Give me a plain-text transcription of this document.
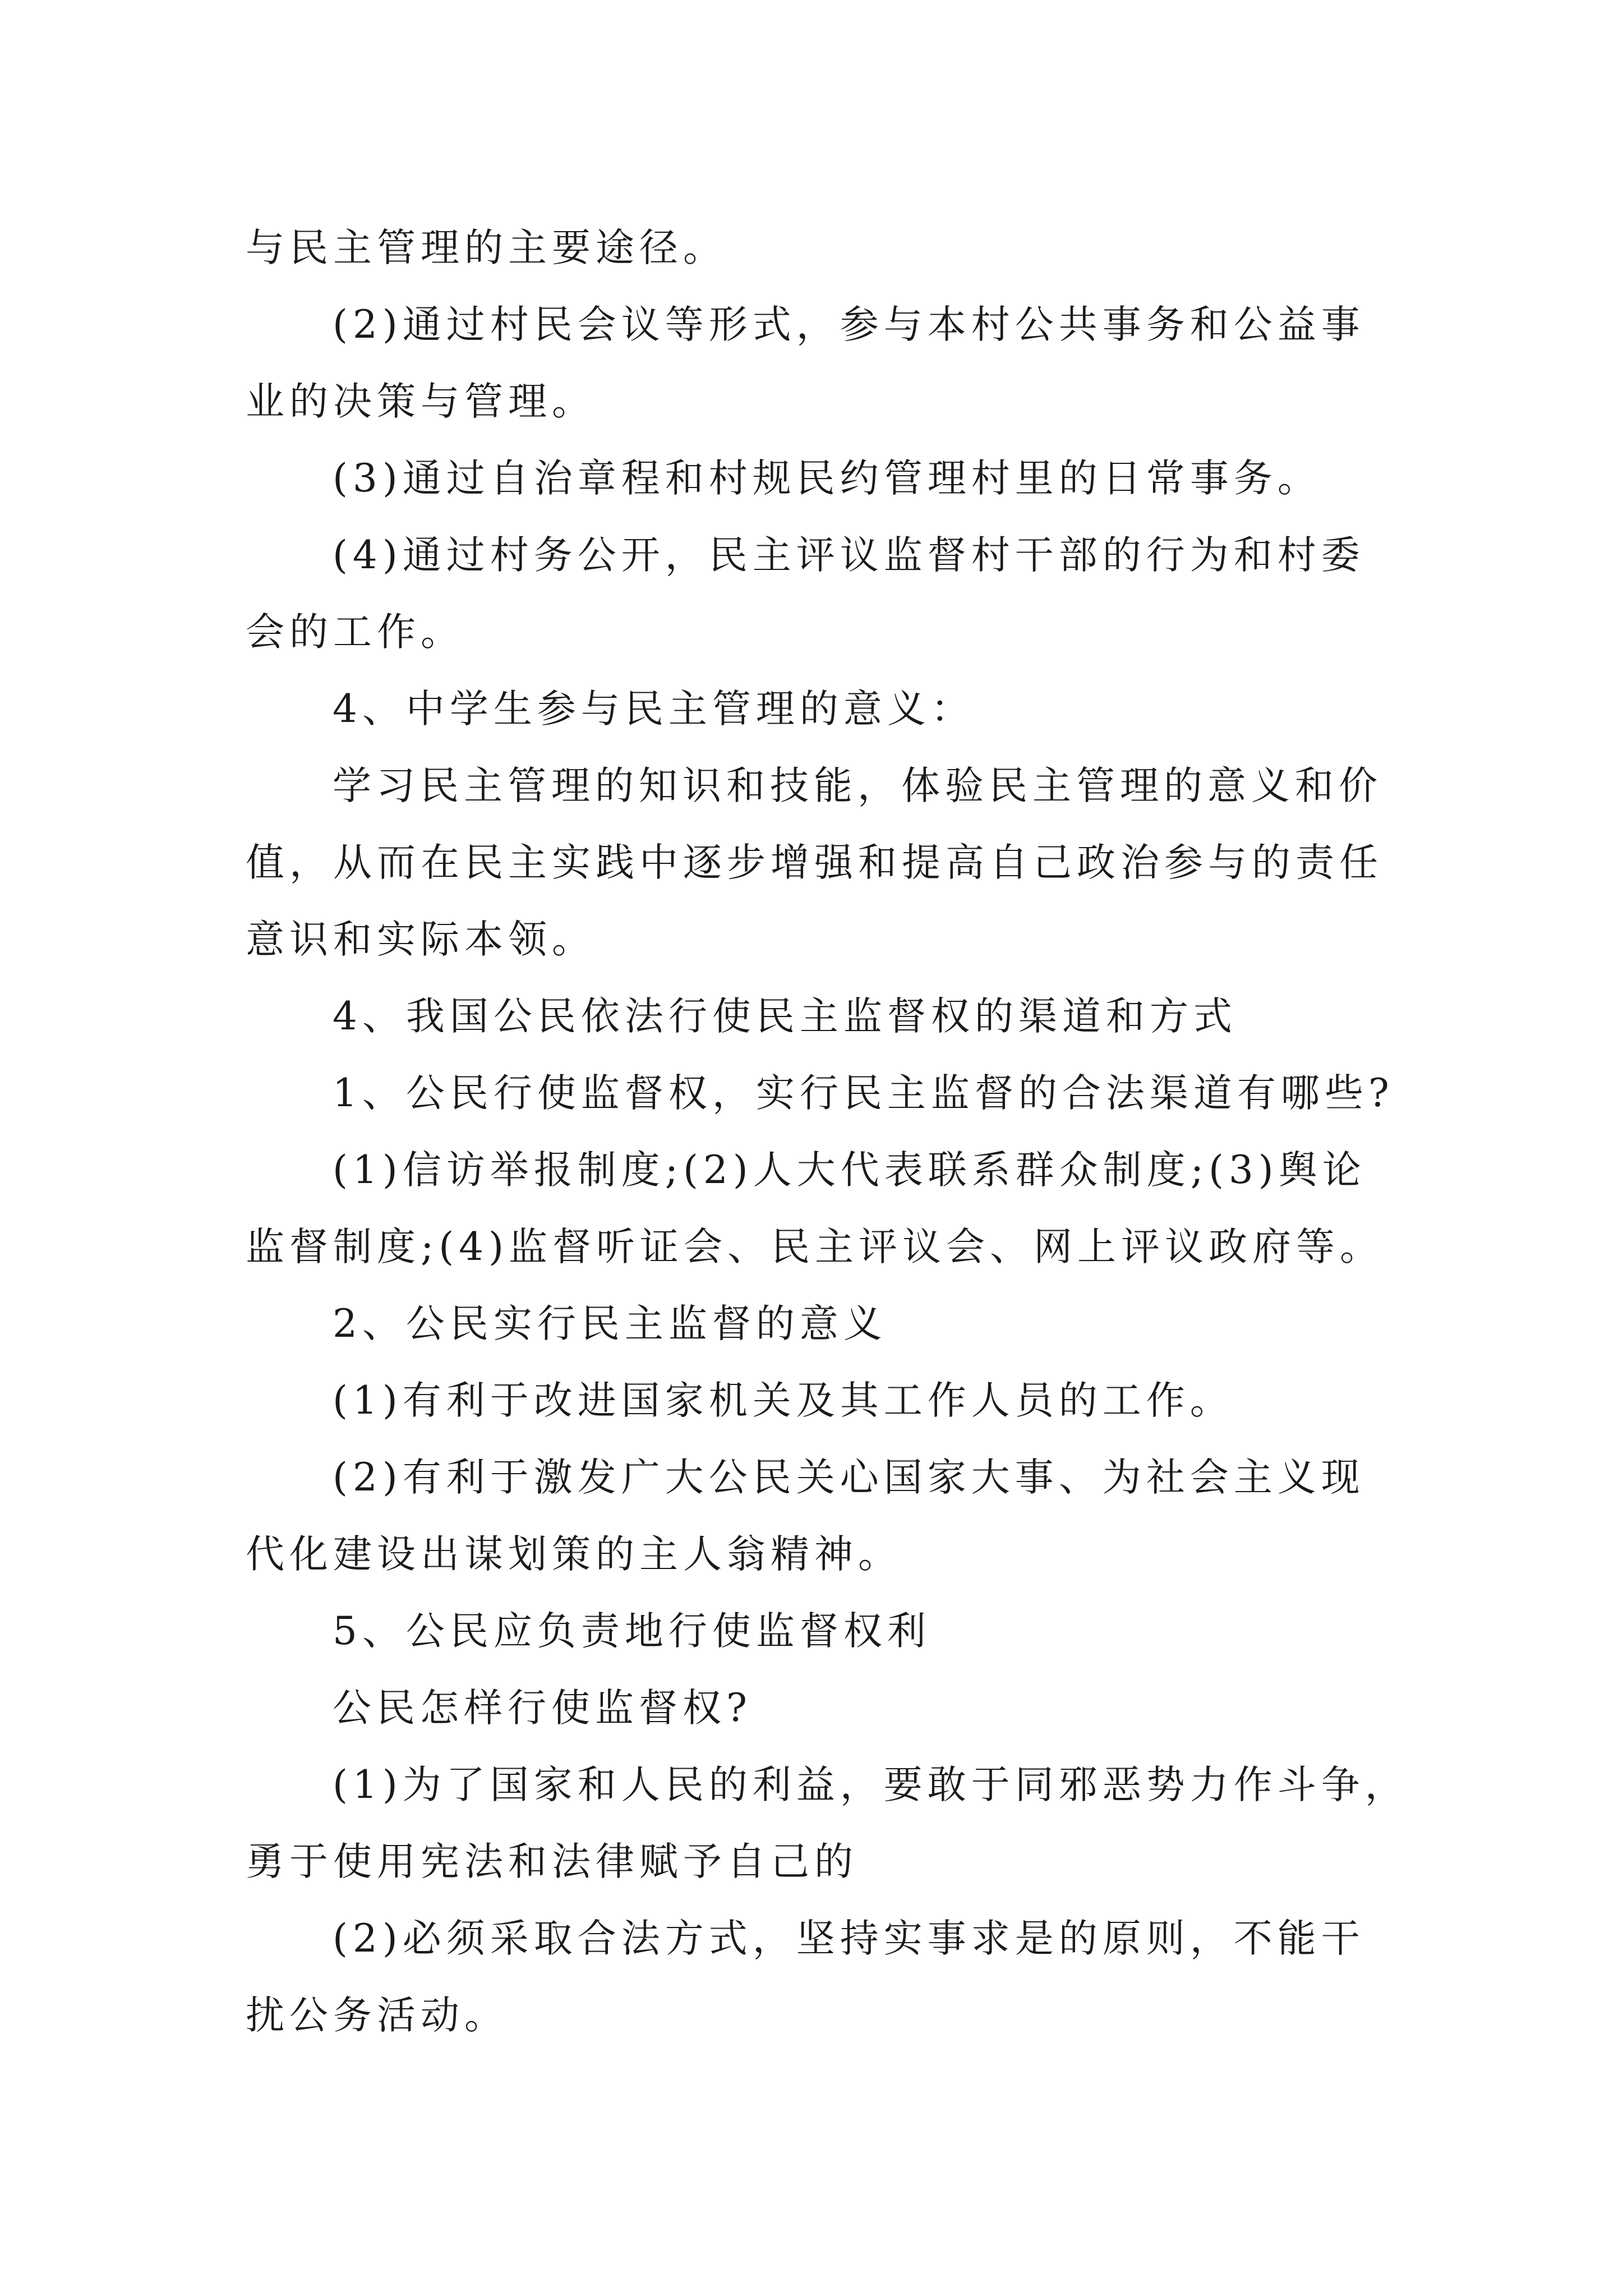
与民主管理的主要途径。
(2)通过村民会议等形式，参与本村公共事务和公益事
业的决策与管理。
(3)通过自治章程和村规民约管理村里的日常事务。
(4)通过村务公开，民主评议监督村干部的行为和村委
会的工作。
4、中学生参与民主管理的意义：
学习民主管理的知识和技能，体验民主管理的意义和价
值，从而在民主实践中逐步增强和提高自己政治参与的责任
意识和实际本领。
4、我国公民依法行使民主监督权的渠道和方式
1、公民行使监督权，实行民主监督的合法渠道有哪些?
(1)信访举报制度;(2)人大代表联系群众制度;(3)舆论
监督制度;(4)监督听证会、民主评议会、网上评议政府等。
2、公民实行民主监督的意义
(1)有利于改进国家机关及其工作人员的工作。
(2)有利于激发广大公民关心国家大事、为社会主义现
代化建设出谋划策的主人翁精神。
5、公民应负责地行使监督权利
公民怎样行使监督权?
(1)为了国家和人民的利益，要敢于同邪恶势力作斗争，
勇于使用宪法和法律赋予自己的
(2)必须采取合法方式，坚持实事求是的原则，不能干
扰公务活动。
